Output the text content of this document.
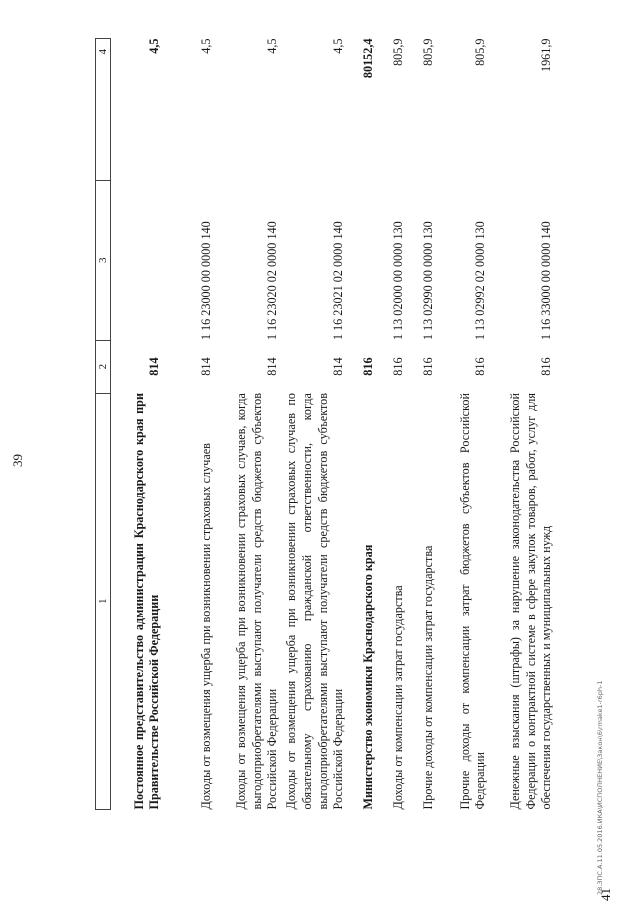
39
41
28.ЗПС.А.11.05.2016.ИКА\ИСПОЛНЕНИЕ\Закон\6\rmake1-r6ph-1
1	2	3	4
Постоянное представительство администрации Краснодарского края при Правительстве Российской Федерации	814		4,5
Доходы от возмещения ущерба при возникновении страховых случаев	814	1 16 23000 00 0000 140	4,5
Доходы от возмещения ущерба при возникновении страховых случаев, когда выгодоприобретателями выступают получатели средств бюджетов субъектов Российской Федерации	814	1 16 23020 02 0000 140	4,5
Доходы от возмещения ущерба при возникновении страховых случаев по обязательному страхованию гражданской ответственности, когда выгодоприобретателями выступают получатели средств бюджетов субъектов Российской Федерации	814	1 16 23021 02 0000 140	4,5
Министерство экономики Краснодарского края	816		80152,4
Доходы от компенсации затрат государства	816	1 13 02000 00 0000 130	805,9
Прочие доходы от компенсации затрат государства	816	1 13 02990 00 0000 130	805,9
Прочие доходы от компенсации затрат бюджетов субъектов Российской Федерации	816	1 13 02992 02 0000 130	805,9
Денежные взыскания (штрафы) за нарушение законодательства Российской Федерации о контрактной системе в сфере закупок товаров, работ, услуг для обеспечения государственных и муниципальных нужд	816	1 16 33000 00 0000 140	1961,9
